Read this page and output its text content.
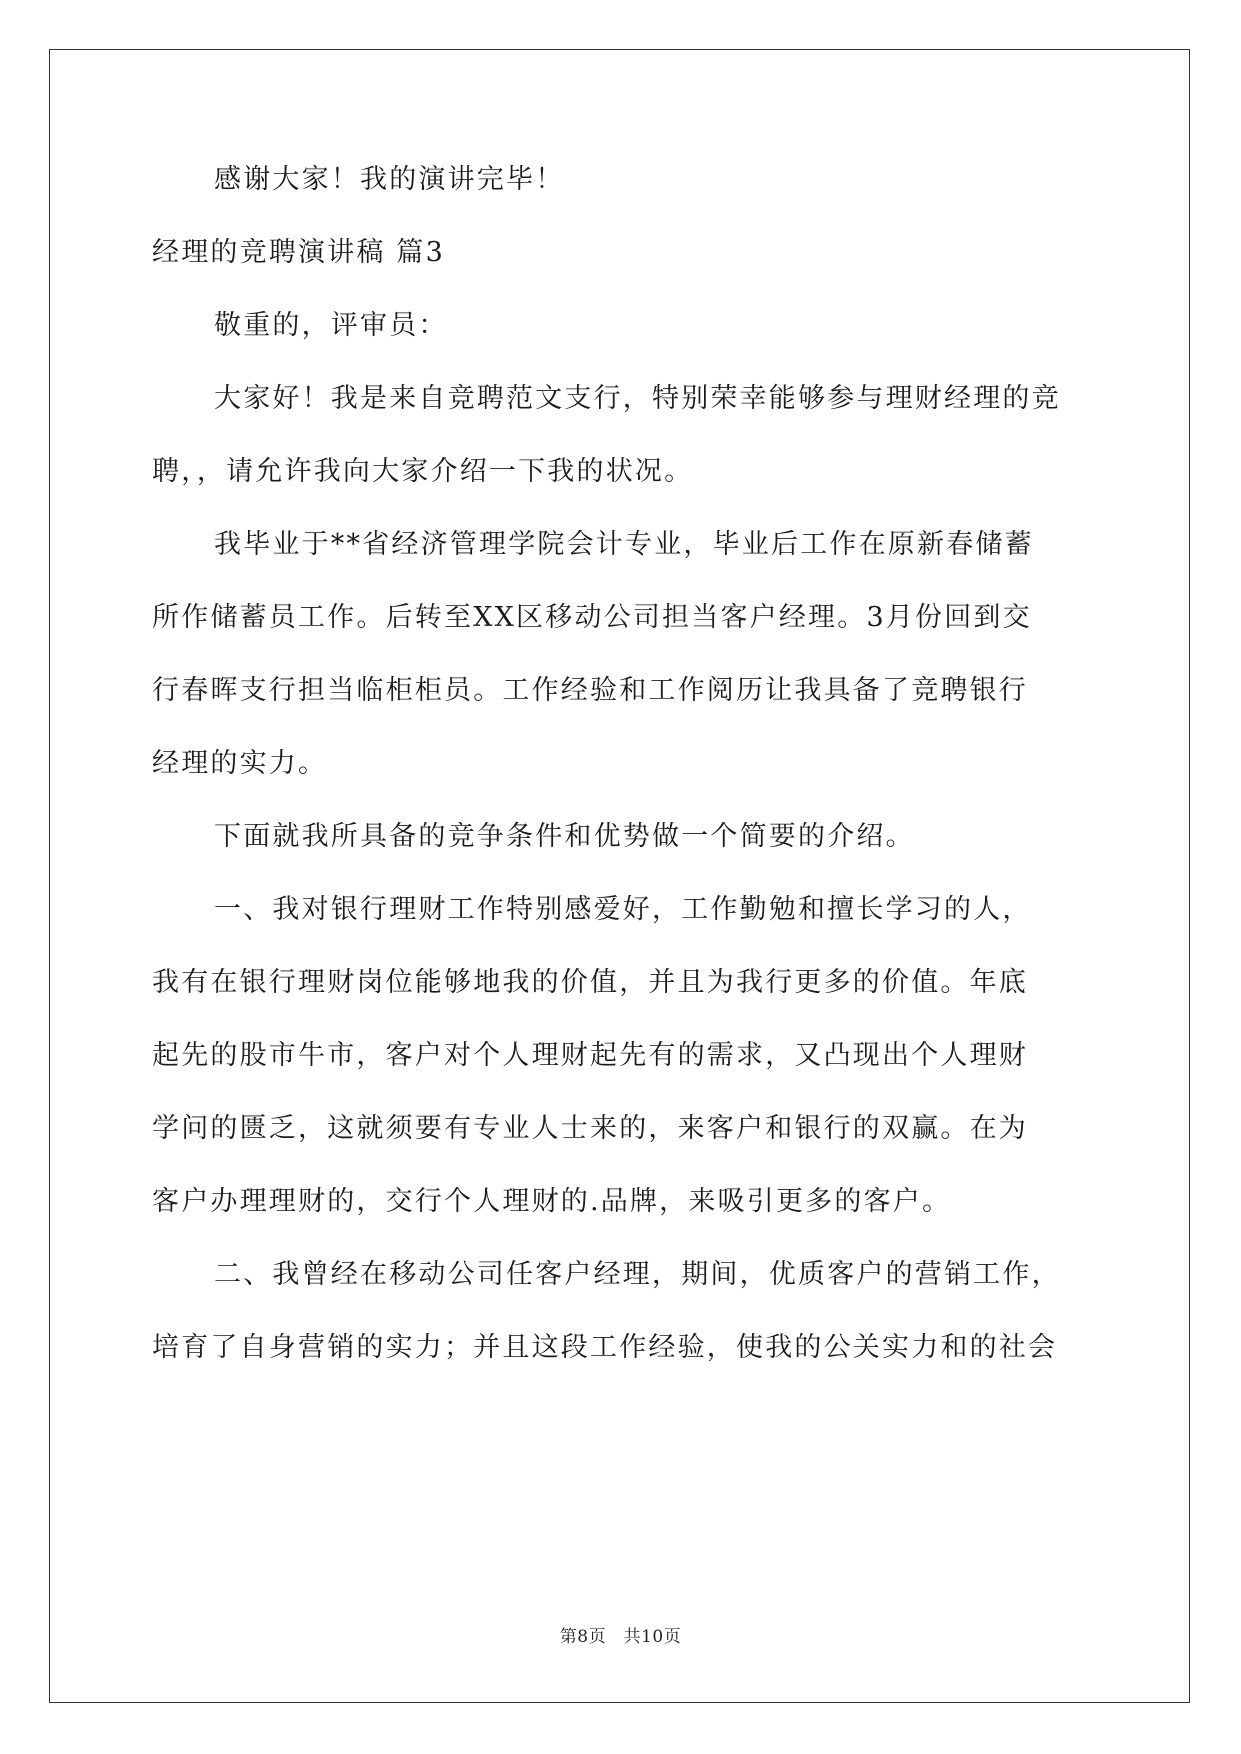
感谢大家！我的演讲完毕！
经理的竞聘演讲稿 篇3
敬重的，评审员：
大家好！我是来自竞聘范文支行，特别荣幸能够参与理财经理的竞
聘，，请允许我向大家介绍一下我的状况。
我毕业于**省经济管理学院会计专业，毕业后工作在原新春储蓄
所作储蓄员工作。后转至XX区移动公司担当客户经理。3月份回到交
行春晖支行担当临柜柜员。工作经验和工作阅历让我具备了竞聘银行
经理的实力。
下面就我所具备的竞争条件和优势做一个简要的介绍。
一、我对银行理财工作特别感爱好，工作勤勉和擅长学习的人，
我有在银行理财岗位能够地我的价值，并且为我行更多的价值。年底
起先的股市牛市，客户对个人理财起先有的需求，又凸现出个人理财
学问的匮乏，这就须要有专业人士来的，来客户和银行的双赢。在为
客户办理理财的，交行个人理财的.品牌，来吸引更多的客户。
二、我曾经在移动公司任客户经理，期间，优质客户的营销工作，
培育了自身营销的实力；并且这段工作经验，使我的公关实力和的社会
第8页　共10页
